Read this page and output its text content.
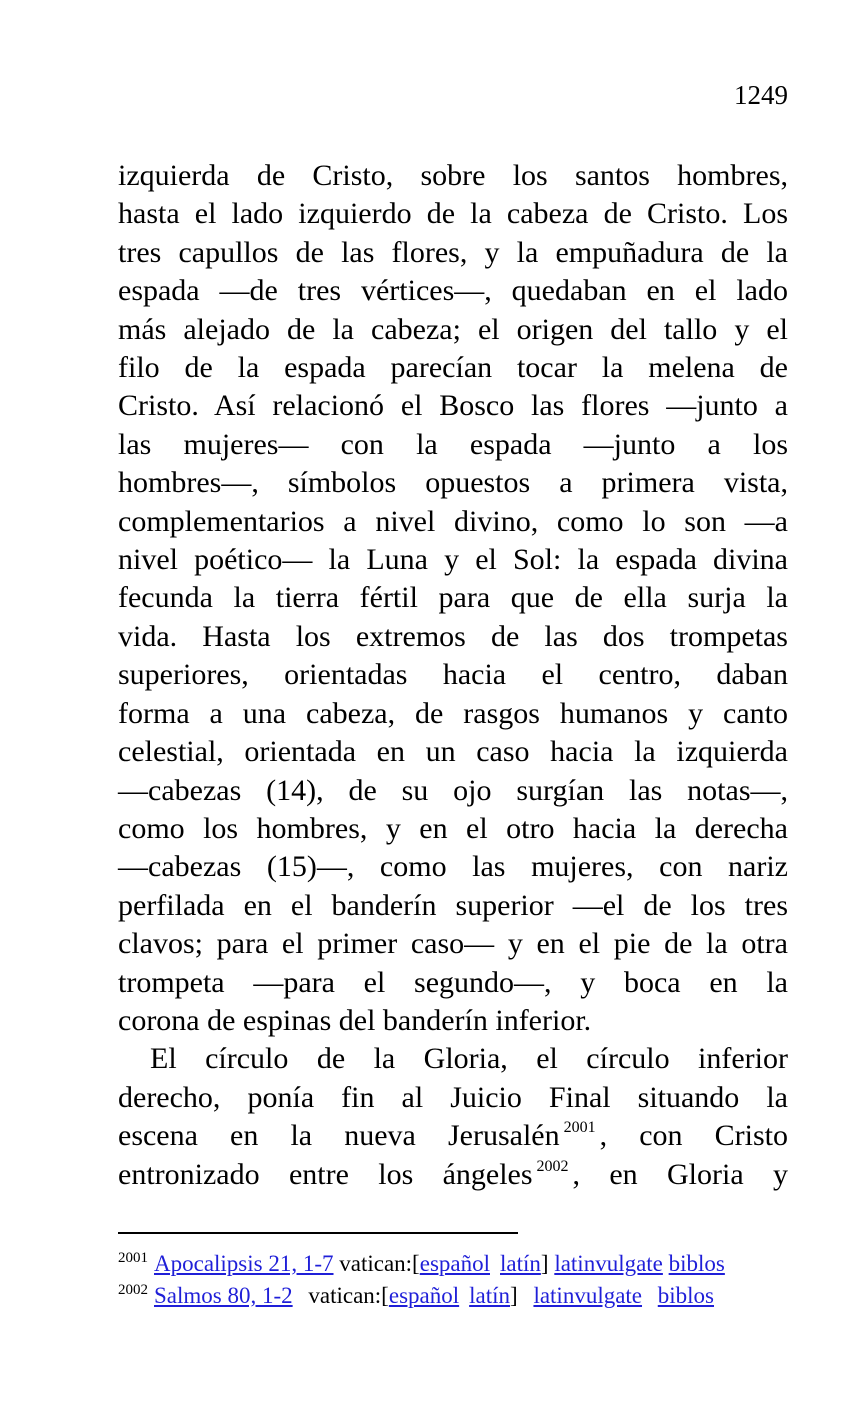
1249
izquierda de Cristo, sobre los santos hombres,
hasta el lado izquierdo de la cabeza de Cristo. Los
tres capullos de las flores, y la empuñadura de la
espada —de tres vértices—, quedaban en el lado
más alejado de la cabeza; el origen del tallo y el
filo de la espada parecían tocar la melena de
Cristo. Así relacionó el Bosco las flores —junto a
las mujeres— con la espada —junto a los
hombres—, símbolos opuestos a primera vista,
complementarios a nivel divino, como lo son —a
nivel poético— la Luna y el Sol: la espada divina
fecunda la tierra fértil para que de ella surja la
vida. Hasta los extremos de las dos trompetas
superiores, orientadas hacia el centro, daban
forma a una cabeza, de rasgos humanos y canto
celestial, orientada en un caso hacia la izquierda
—cabezas (14), de su ojo surgían las notas—,
como los hombres, y en el otro hacia la derecha
—cabezas (15)—, como las mujeres, con nariz
perfilada en el banderín superior —el de los tres
clavos; para el primer caso— y en el pie de la otra
trompeta —para el segundo—, y boca en la
corona de espinas del banderín inferior.
El círculo de la Gloria, el círculo inferior
derecho, ponía fin al Juicio Final situando la
escena en la nueva Jerusalén $^{2001}$ , con Cristo
entronizado entre los ángeles $^{2002}$ , en Gloria y
$^{2001}$ Apocalipsis 21, 1-7 vatican:[español latín] latinvulgate biblos
$^{2002}$ Salmos 80, 1-2 vatican:[español latín] latinvulgate biblos
